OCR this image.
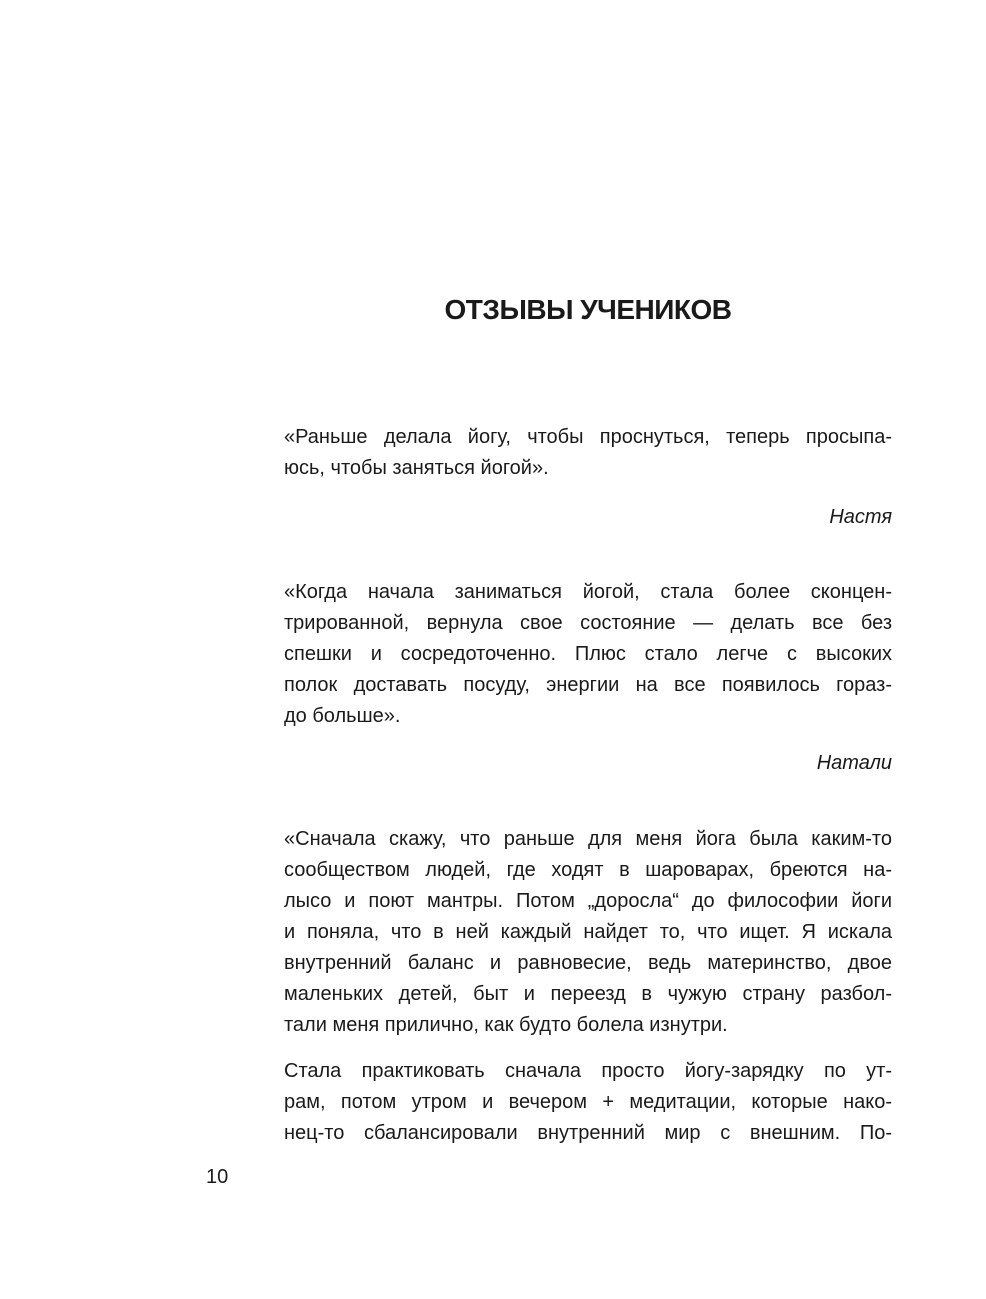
ОТЗЫВЫ УЧЕНИКОВ

«Раньше делала йогу, чтобы проснуться, теперь просыпа-
юсь, чтобы заняться йогой».

Настя

«Когда начала заниматься йогой, стала более сконцен-
трированной, вернула свое состояние — делать все без
спешки и сосредоточенно. Плюс стало легче с высоких
полок доставать посуду, энергии на все появилось гораз-
до больше».

Натали

«Сначала скажу, что раньше для меня йога была каким-то
сообществом людей, где ходят в шароварах, бреются на-
лысо и поют мантры. Потом „доросла“ до философии йоги
и поняла, что в ней каждый найдет то, что ищет. Я искала
внутренний баланс и равновесие, ведь материнство, двое
маленьких детей, быт и переезд в чужую страну разбол-
тали меня прилично, как будто болела изнутри.

Стала практиковать сначала просто йогу-зарядку по ут-
рам, потом утром и вечером + медитации, которые нако-
нец-то сбалансировали внутренний мир с внешним. По-

10
